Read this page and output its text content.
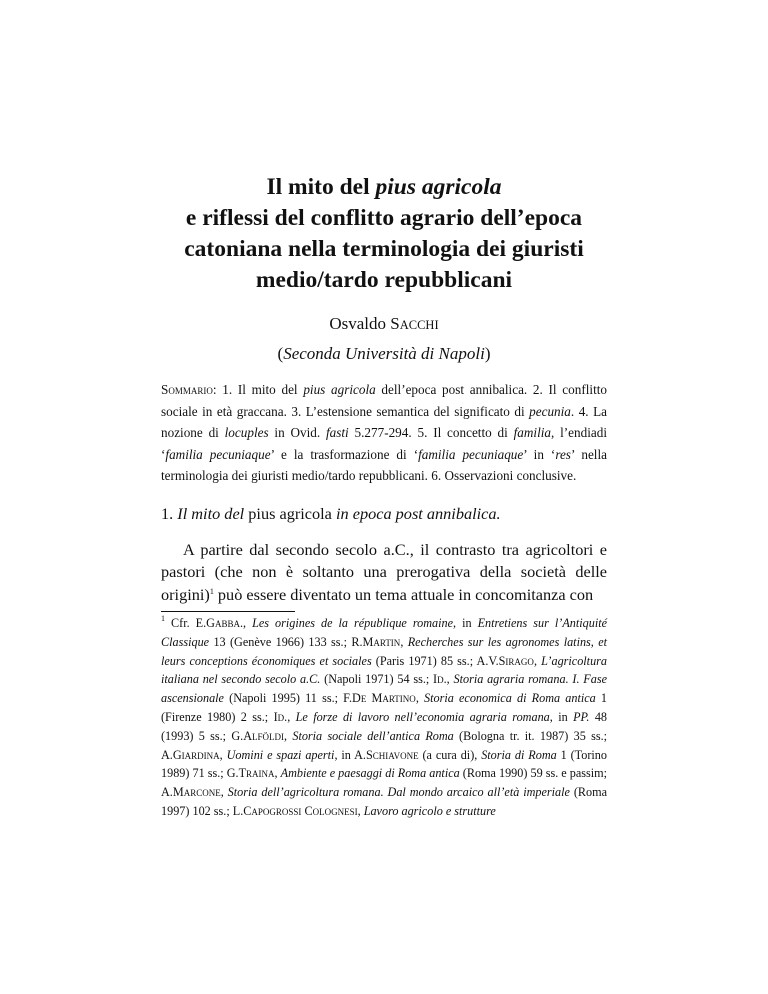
Il mito del pius agricola
e riflessi del conflitto agrario dell’epoca
catoniana nella terminologia dei giuristi
medio/tardo repubblicani
Osvaldo SACCHI
(Seconda Università di Napoli)
Sommario: 1. Il mito del pius agricola dell’epoca post annibalica. 2. Il conflitto sociale in età graccana. 3. L’estensione semantica del significato di pecunia. 4. La nozione di locuples in Ovid. fasti 5.277-294. 5. Il concetto di familia, l’endiadi ‘familia pecuniaque’ e la trasformazione di ‘familia pecuniaque’ in ‘res’ nella terminologia dei giuristi medio/tardo repubblicani. 6. Osservazioni conclusive.
1. Il mito del pius agricola in epoca post annibalica.

A partire dal secondo secolo a.C., il contrasto tra agricoltori e pastori (che non è soltanto una prerogativa della società delle origini)$^1$ può essere diventato un tema attuale in concomitanza con

$^1$ Cfr. E.Gabba., Les origines de la république romaine, in Entretiens sur l’Antiquité Classique 13 (Genève 1966) 133 ss.; R.Martin, Recherches sur les agronomes latins, et leurs conceptions économiques et sociales (Paris 1971) 85 ss.; A.V.Sirago, L’agricoltura italiana nel secondo secolo a.C. (Napoli 1971) 54 ss.; Id., Storia agraria romana. I. Fase ascensionale (Napoli 1995) 11 ss.; F.De Martino, Storia economica di Roma antica 1 (Firenze 1980) 2 ss.; Id., Le forze di lavoro nell’economia agraria romana, in PP. 48 (1993) 5 ss.; G.Alföldi, Storia sociale dell’antica Roma (Bologna tr. it. 1987) 35 ss.; A.Giardina, Uomini e spazi aperti, in A.Schiavone (a cura di), Storia di Roma 1 (Torino 1989) 71 ss.; G.Traina, Ambiente e paesaggi di Roma antica (Roma 1990) 59 ss. e passim; A.Marcone, Storia dell’agricoltura romana. Dal mondo arcaico all’età imperiale (Roma 1997) 102 ss.; L.Capogrossi Colognesi, Lavoro agricolo e strutture
